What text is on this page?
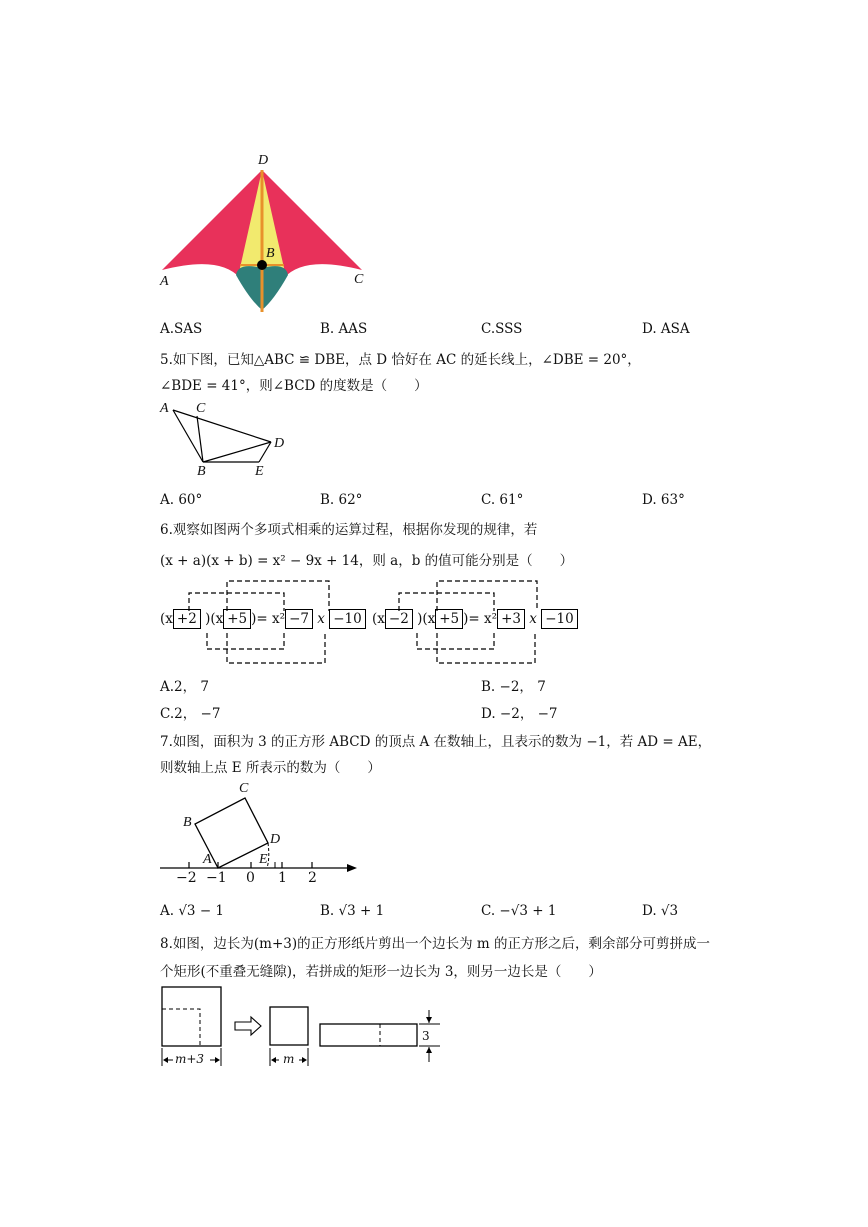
D
B
A	C
A.SAS	B. AAS	C.SSS	D. ASA
5.如下图，已知△ABC ≌ DBE，点 D 恰好在 AC 的延长线上，∠DBE = 20°，
∠BDE = 41°，则∠BCD 的度数是（　　）
A C
D
B	E
A. 60°	B. 62°	C. 61°	D. 63°
6.观察如图两个多项式相乘的运算过程，根据你发现的规律，若
(x + a)(x + b) = x² − 9x + 14，则 a，b 的值可能分别是（　　）
(x +2 )(x +5 )= x² −7 x −10 (x −2 )(x +5 )= x² +3 x −10
A.2， 7	B. −2， 7
C.2， −7	D. −2， −7
7.如图，面积为 3 的正方形 ABCD 的顶点 A 在数轴上，且表示的数为 −1，若 AD = AE，
则数轴上点 E 所表示的数为（　　）
C
B
D
A	E
−2 −1 0 1 2
A. √3 − 1	B. √3 + 1	C. −√3 + 1	D. √3
8.如图，边长为(m+3)的正方形纸片剪出一个边长为 m 的正方形之后，剩余部分可剪拼成一
个矩形(不重叠无缝隙)，若拼成的矩形一边长为 3，则另一边长是（　　）
m+3	m
3
